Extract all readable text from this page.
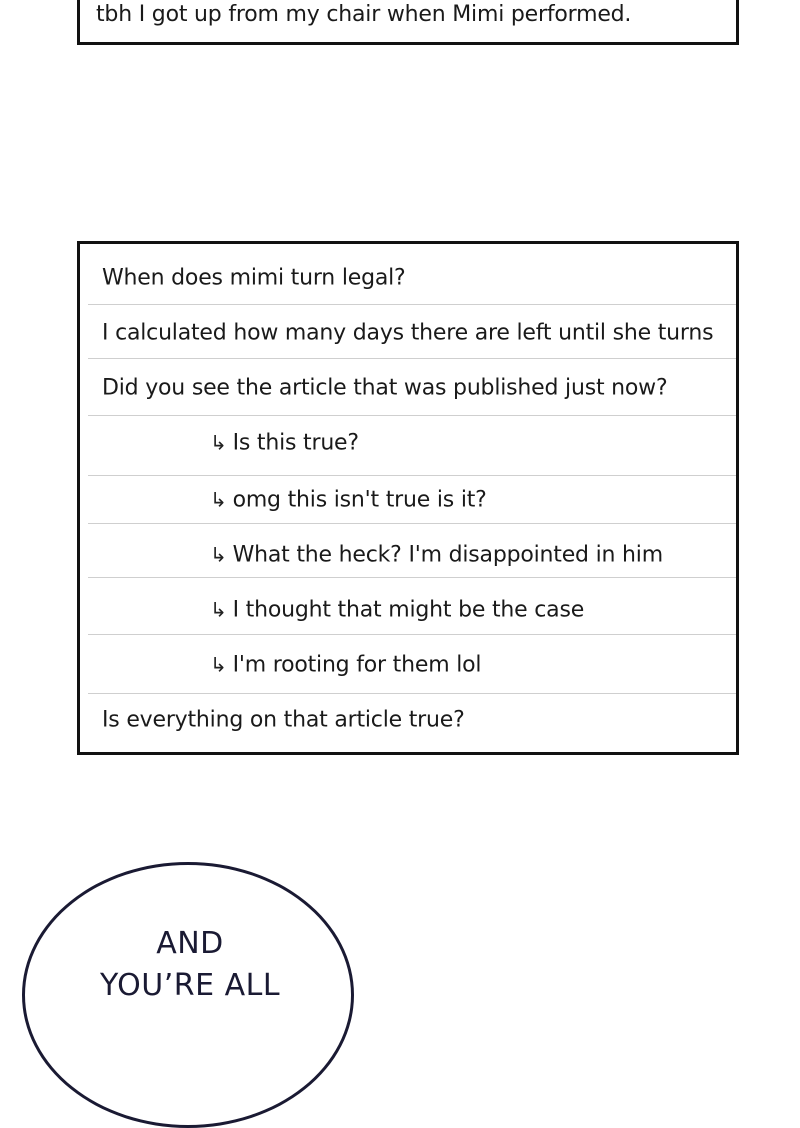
tbh I got up from my chair when Mimi performed.
When does mimi turn legal?
I calculated how many days there are left until she turns
Did you see the article that was published just now?
↳ Is this true?
↳ omg this isn't true is it?
↳ What the heck? I'm disappointed in him
↳ I thought that might be the case
↳ I'm rooting for them lol
Is everything on that article true?
AND
YOU’RE ALL
